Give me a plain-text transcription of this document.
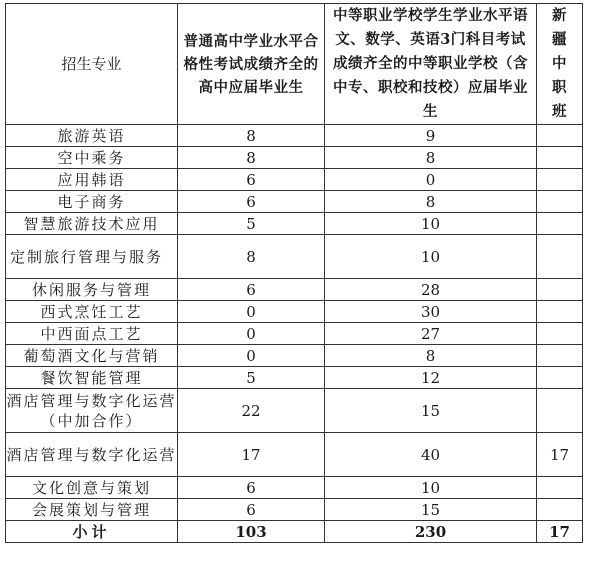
招生专业	普通高中学业水平合格性考试成绩齐全的高中应届毕业生	中等职业学校学生学业水平语文、数学、英语3门科目考试成绩齐全的中等职业学校（含中专、职校和技校）应届毕业生	新疆中职班
旅游英语	8	9	
空中乘务	8	8	
应用韩语	6	0	
电子商务	6	8	
智慧旅游技术应用	5	10	
定制旅行管理与服务	8	10	
休闲服务与管理	6	28	
西式烹饪工艺	0	30	
中西面点工艺	0	27	
葡萄酒文化与营销	0	8	
餐饮智能管理	5	12	
酒店管理与数字化运营（中加合作）	22	15	
酒店管理与数字化运营	17	40	17
文化创意与策划	6	10	
会展策划与管理	6	15	
小计	103	230	17
